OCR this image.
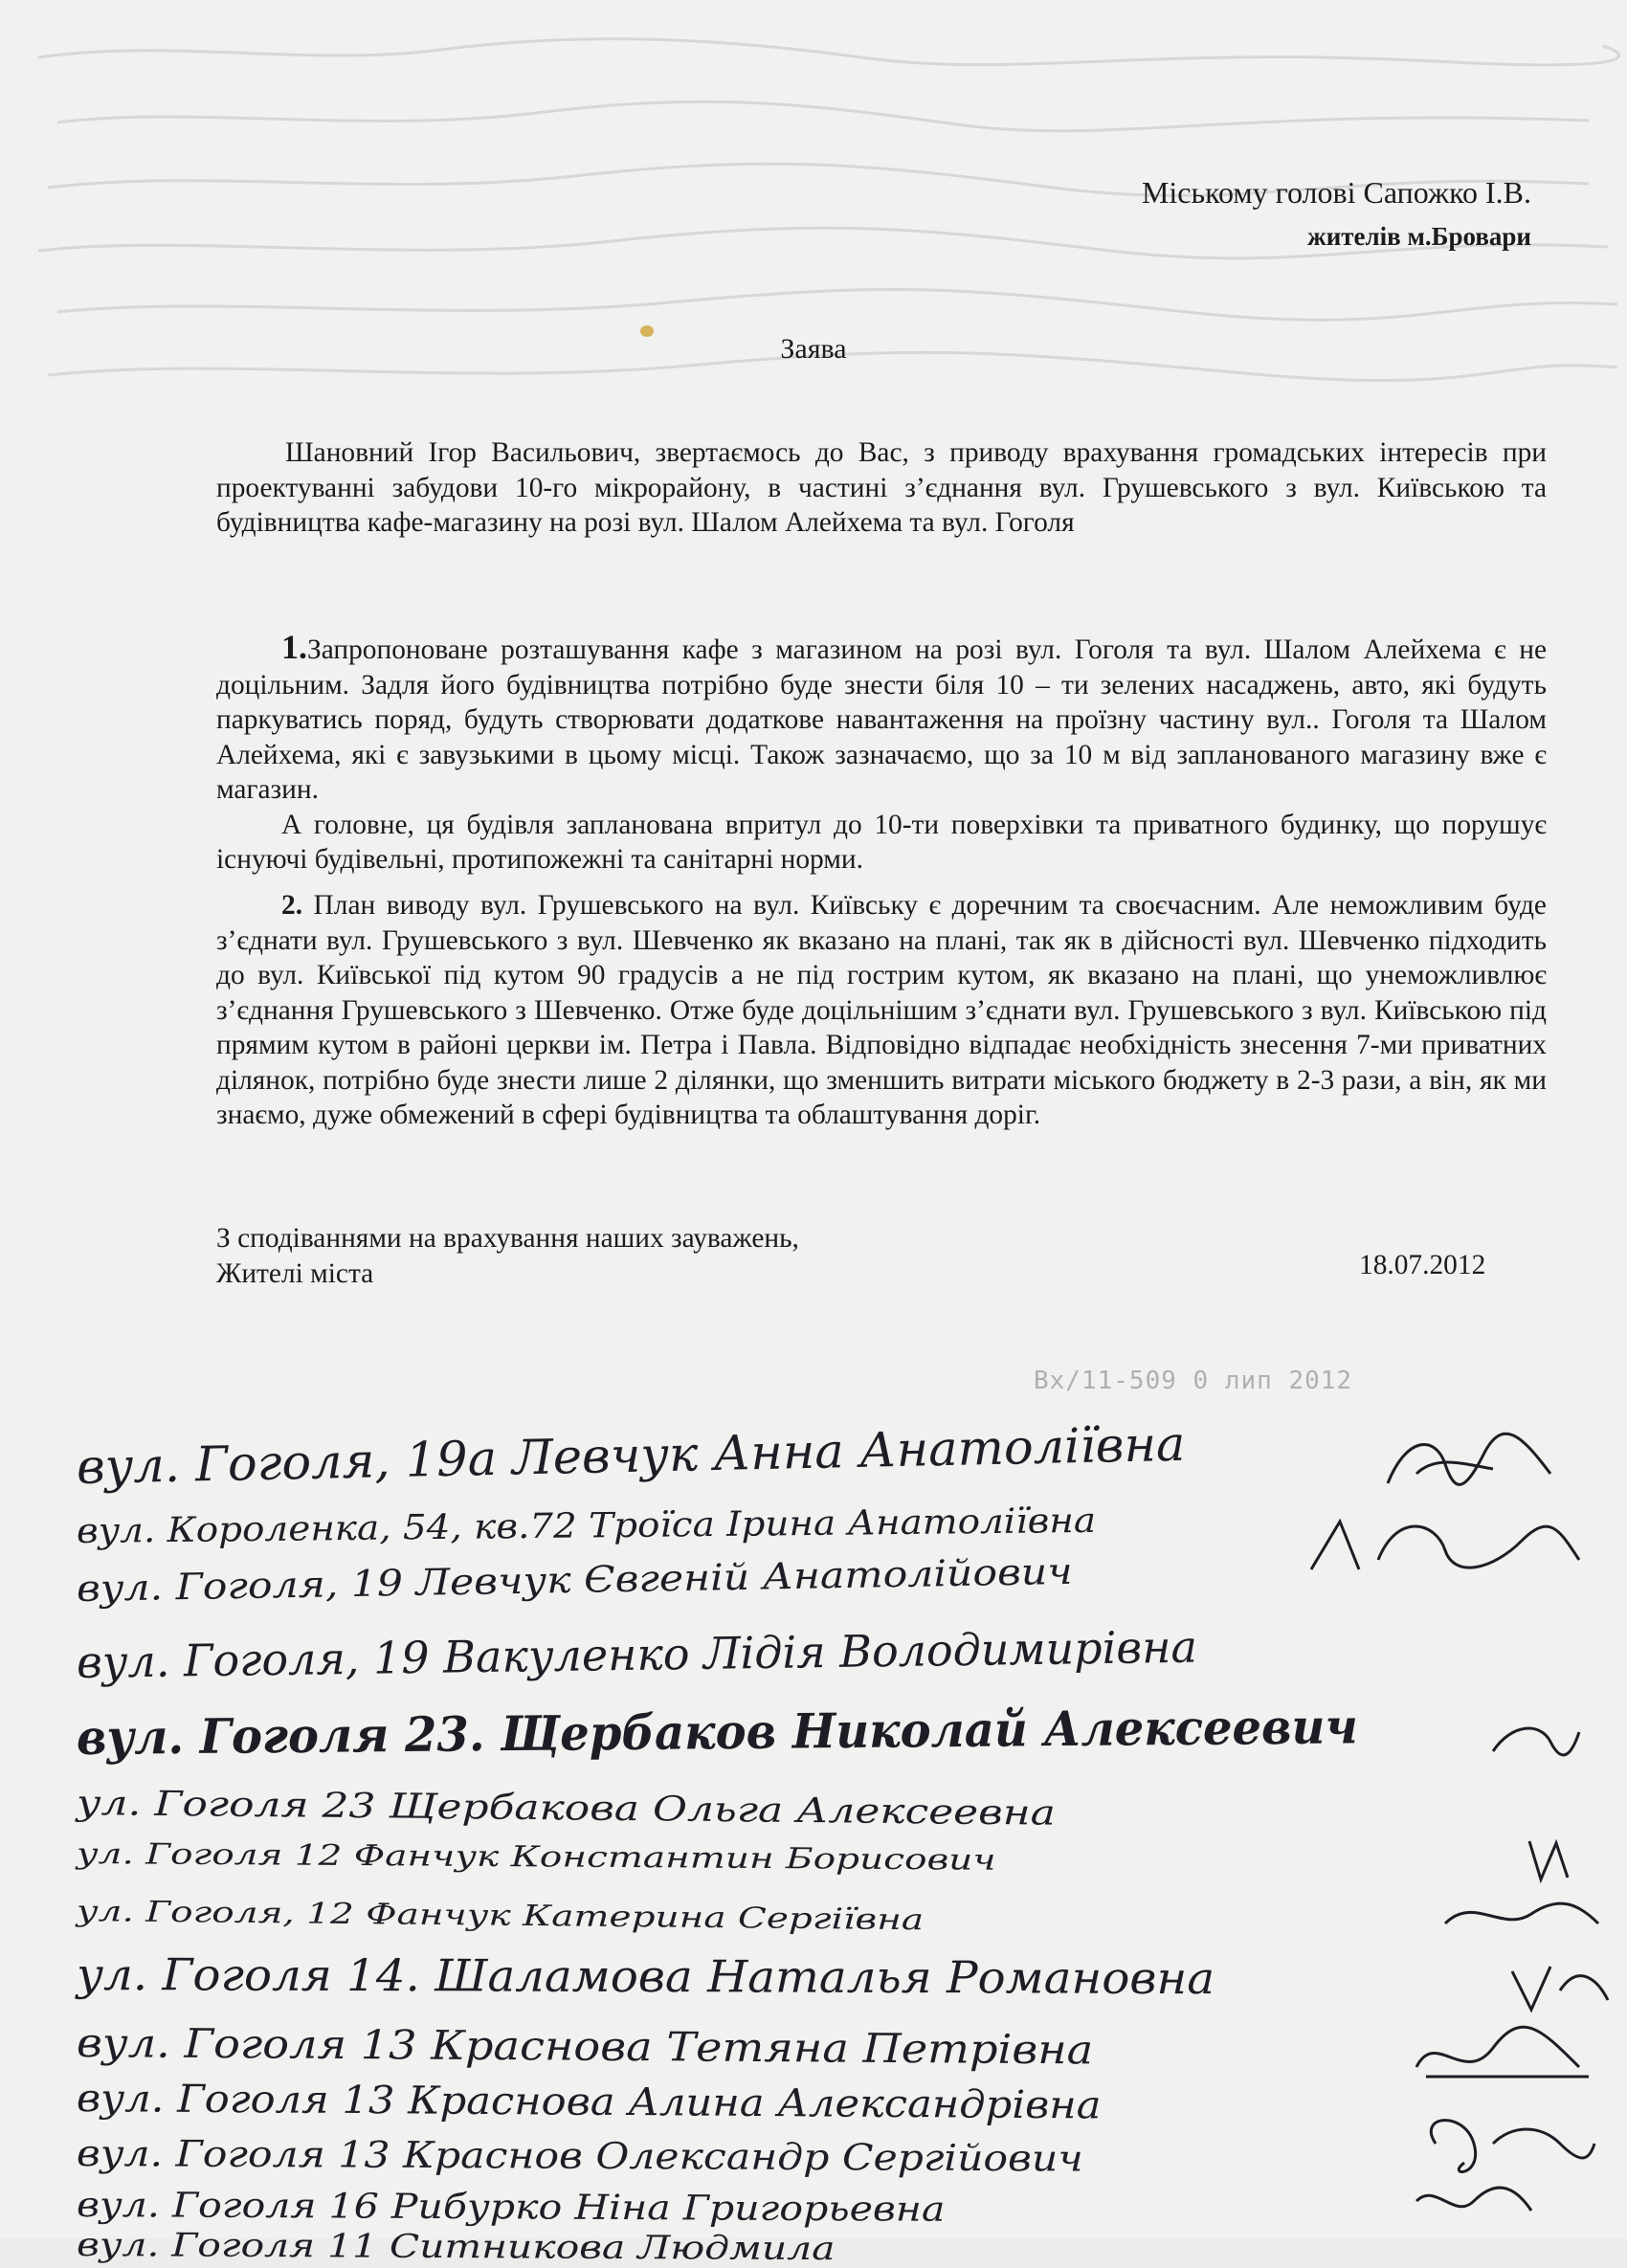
Міському голові Сапожко І.В.
жителів м.Бровари
Заява

Шановний Ігор Васильович, звертаємось до Вас, з приводу врахування громадських інтересів при проектуванні забудови 10-го мікрорайону, в частині з’єднання вул. Грушевського з вул. Київською та будівництва кафе-магазину на розі вул. Шалом Алейхема та вул. Гоголя

1.Запропоноване розташування кафе з магазином на розі вул. Гоголя та вул. Шалом Алейхема є не доцільним. Задля його будівництва потрібно буде знести біля 10 – ти зелених насаджень, авто, які будуть паркуватись поряд, будуть створювати додаткове навантаження на проїзну частину вул.. Гоголя та Шалом Алейхема, які є завузькими в цьому місці. Також зазначаємо, що за 10 м від запланованого магазину вже є магазин.
А головне, ця будівля запланована впритул до 10-ти поверхівки та приватного будинку, що порушує існуючі будівельні, протипожежні та санітарні норми.
2. План виводу вул. Грушевського на вул. Київську є доречним та своєчасним. Але неможливим буде з’єднати вул. Грушевського з вул. Шевченко як вказано на плані, так як в дійсності вул. Шевченко підходить до вул. Київської під кутом 90 градусів а не під гострим кутом, як вказано на плані, що унеможливлює з’єднання Грушевського з Шевченко. Отже буде доцільнішим з’єднати вул. Грушевського з вул. Київською під прямим кутом в районі церкви ім. Петра і Павла. Відповідно відпадає необхідність знесення 7-ми приватних ділянок, потрібно буде знести лише 2 ділянки, що зменшить витрати міського бюджету в 2-3 рази, а він, як ми знаємо, дуже обмежений в сфері будівництва та облаштування доріг.
З сподіваннями на врахування наших зауважень,
Жителі міста	18.07.2012
Вх/11-509 0 лип 2012
вул. Гоголя, 19а Левчук Анна Анатоліївна
вул. Короленка, 54, кв.72 Троїса Ірина Анатоліївна
вул. Гоголя, 19 Левчук Євгеній Анатолійович
вул. Гоголя, 19 Вакуленко Лідія Володимирівна
вул. Гоголя 23. Щербаков Николай Алексеевич
ул. Гоголя 23 Щербакова Ольга Алексеевна
ул. Гоголя 12 Фанчук Константин Борисович
ул. Гоголя, 12 Фанчук Катерина Сергіївна
ул. Гоголя 14. Шаламова Наталья Романовна
вул. Гоголя 13 Краснова Тетяна Петрівна
вул. Гоголя 13 Краснова Алина Александрівна
вул. Гоголя 13 Краснов Олександр Сергійович
вул. Гоголя 16 Рибурко Ніна Григорьевна
вул. Гоголя 11 Ситникова Людмила
